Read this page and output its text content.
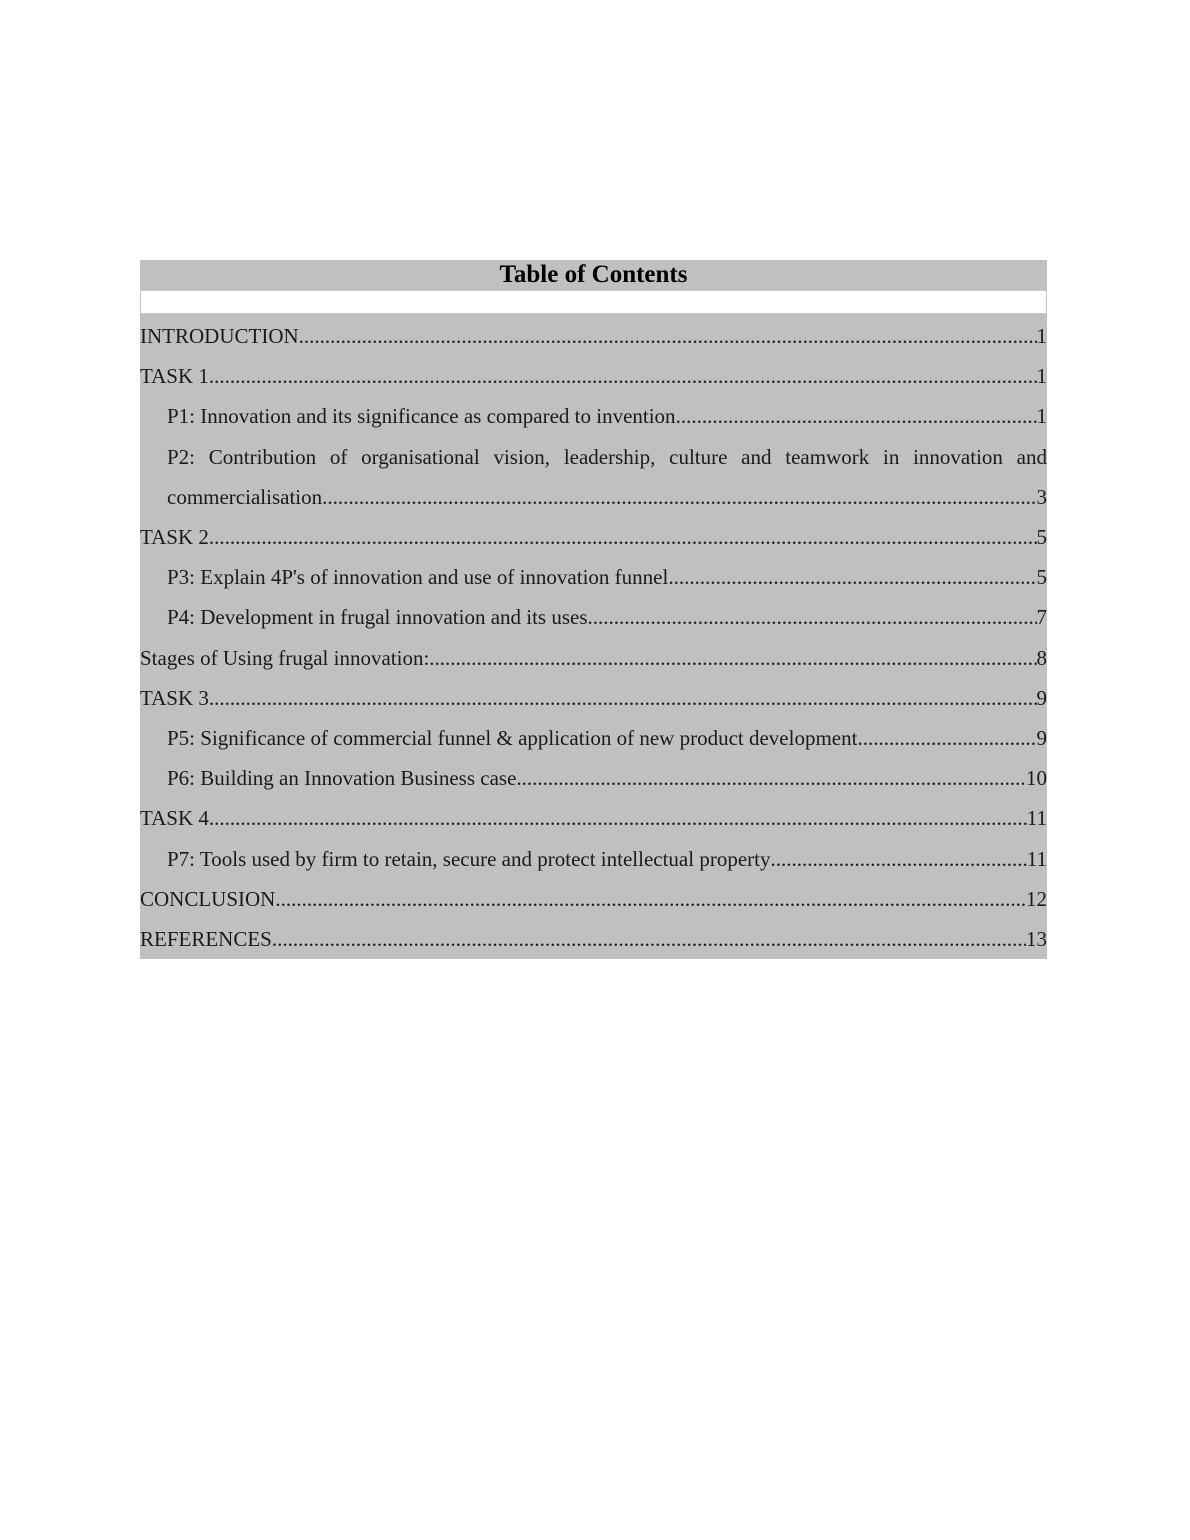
Table of Contents
INTRODUCTION .....	1
TASK 1 .....	1
P1: Innovation and its significance as compared to invention .....	1
P2: Contribution of organisational vision, leadership, culture and teamwork in innovation and
commercialisation .....	3
TASK 2 .....	5
P3: Explain 4P's of innovation and use of innovation funnel .....	5
P4: Development in frugal innovation and its uses .....	7
Stages of Using frugal innovation: .....	8
TASK 3 .....	9
P5: Significance of commercial funnel & application of new product development .....	9
P6: Building an Innovation Business case .....	10
TASK 4 .....	11
P7: Tools used by firm to retain, secure and protect intellectual property .....	11
CONCLUSION .....	12
REFERENCES .....	13
